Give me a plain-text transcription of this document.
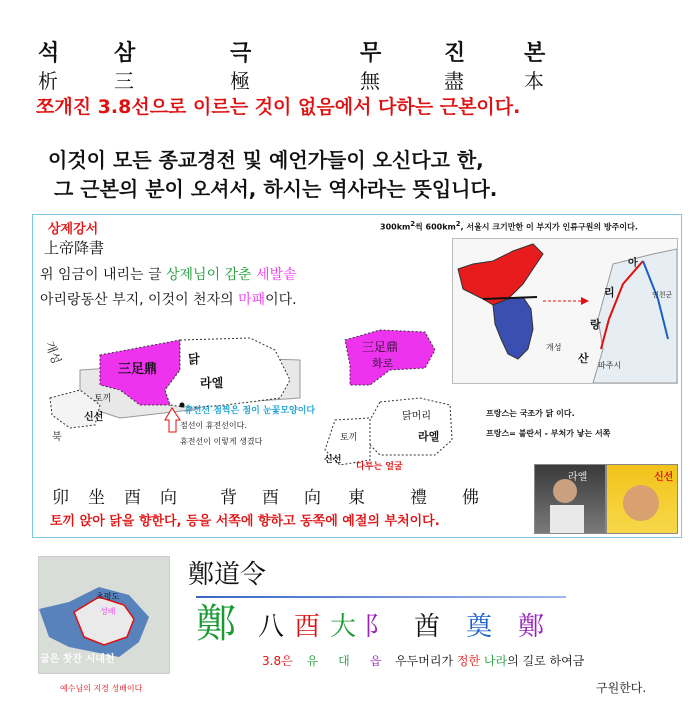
석 삼	극	무	진	본
析	三	極	無	盡	本
쪼개진 3.8선으로 이르는 것이 없음에서 다하는 근본이다.
이것이 모든 종교경전 및 예언가들이 오신다고 한,
그 근본의 분이 오셔서, 하시는 역사라는 뜻입니다.
상제강서
上帝降書
위 임금이 내리는 글 상제님이 감춘 세발솥
아리랑동산 부지, 이것이 천자의 마패이다.
$300km^2$씩 $600km^2$, 서울시 크기만한 이 부지가 인류구원의 방주이다.
개성
三足鼎
닭
라엘
토끼
신선
북
三足鼎
화로
닭머리
라엘
토끼
신선
다투는 얼굴
휴전선 점찍은 점이 눈꽃모양이다
점선이 휴전선이다.
휴전선이 이렇게 생겼다
프랑스는 국조가 닭 이다.
프랑스= 불란서 - 부처가 낳는 서쪽
아
리
랑
산
개성
파주시
연천군
라엘	신선
卯 坐 酉 向	背 酉 向 東	禮 佛
토끼 앉아 닭을 향한다, 등을 서쪽에 향하고 동쪽에 예절의 부처이다.
초평도
성배
굽은 찻잔 시내천
예수님의 지경 성배이다
鄭道令
鄭 八 酉 大 阝 酋 奠 鄭
3.8은 유 대 읍 우두머리가 정한 나라의 길로 하여금
구원한다.
